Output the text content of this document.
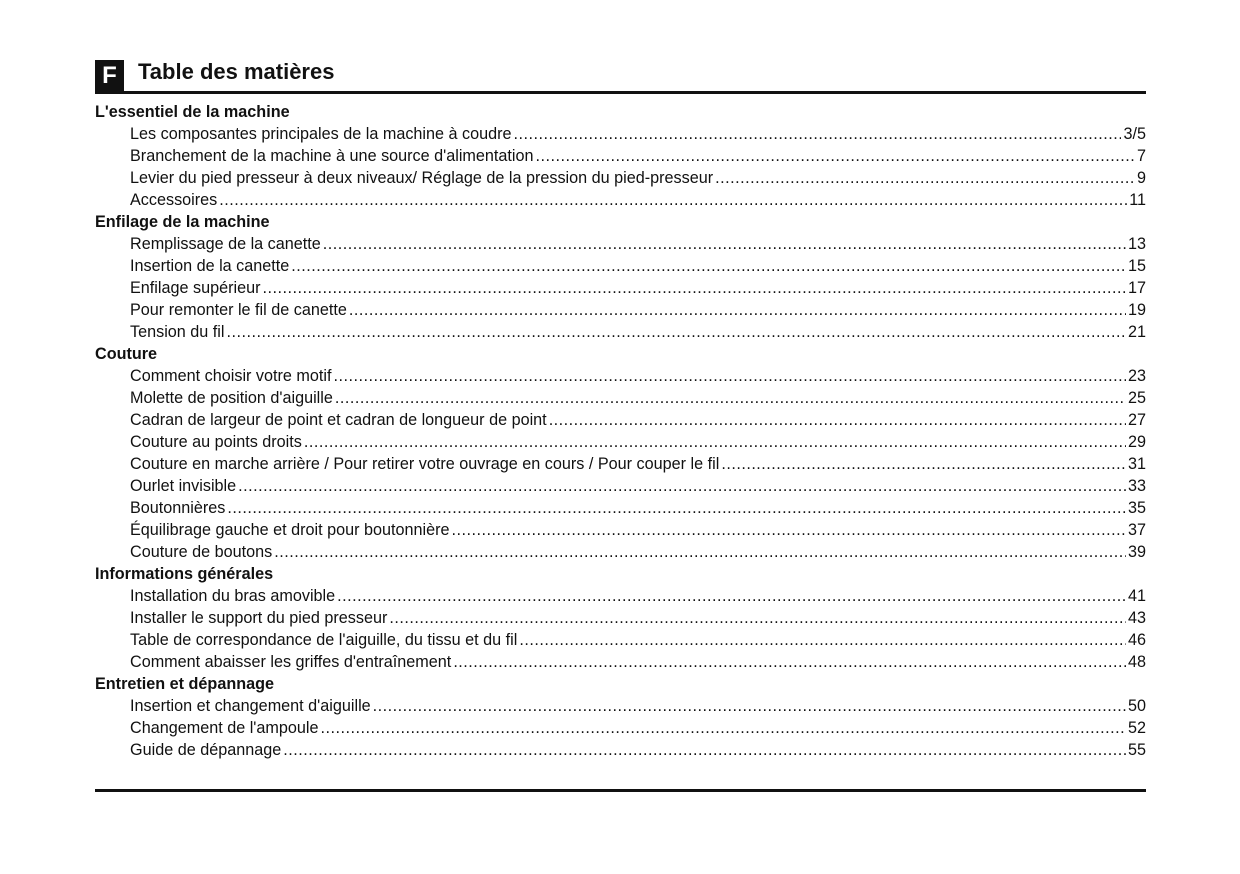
F Table des matières
L'essentiel de la machine
Les composantes principales de la machine à coudre .....	3/5
Branchement de la machine à une source d'alimentation .....	7
Levier du pied presseur à deux niveaux/ Réglage de la pression du pied-presseur .....	9
Accessoires .....	11
Enfilage de la machine
Remplissage de la canette .....	13
Insertion de la canette .....	15
Enfilage supérieur .....	17
Pour remonter le fil de canette .....	19
Tension du fil .....	21
Couture
Comment choisir votre motif .....	23
Molette de position d'aiguille .....	25
Cadran de largeur de point et cadran de longueur de point .....	27
Couture au points droits .....	29
Couture en marche arrière / Pour retirer votre ouvrage en cours / Pour couper le fil .....	31
Ourlet invisible .....	33
Boutonnières .....	35
Équilibrage gauche et droit pour boutonnière .....	37
Couture de boutons .....	39
Informations générales
Installation du bras amovible .....	41
Installer le support du pied presseur .....	43
Table de correspondance de l'aiguille, du tissu et du fil .....	46
Comment abaisser les griffes d'entraînement .....	48
Entretien et dépannage
Insertion et changement d'aiguille .....	50
Changement de l'ampoule .....	52
Guide de dépannage .....	55
